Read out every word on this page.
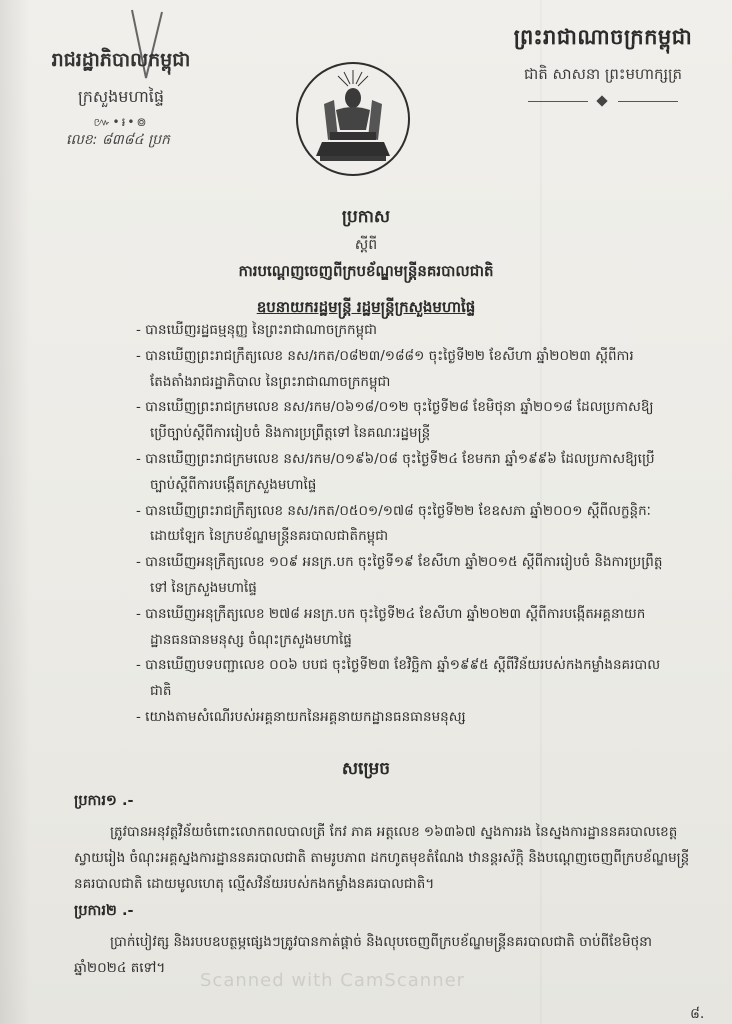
ព្រះរាជាណាចក្រកម្ពុជា
ជាតិ សាសនា ព្រះមហាក្សត្រ
រាជរដ្ឋាភិបាលកម្ពុជា
ក្រសួងមហាផ្ទៃ
៚•៛•៙
លេខ: ៨៣៨៤ ប្រក
ប្រកាស
ស្តីពី
ការបណ្តេញចេញពីក្របខ័ណ្ឌមន្ត្រីនគរបាលជាតិ
ឧបនាយករដ្ឋមន្ត្រី រដ្ឋមន្ត្រីក្រសួងមហាផ្ទៃ
- បានឃើញរដ្ឋធម្មនុញ្ញ នៃព្រះរាជាណាចក្រកម្ពុជា
- បានឃើញព្រះរាជក្រឹត្យលេខ នស/រកត/០៨២៣/១៨៨១ ចុះថ្ងៃទី២២ ខែសីហា ឆ្នាំ២០២៣ ស្តីពីការតែងតាំងរាជរដ្ឋាភិបាល នៃព្រះរាជាណាចក្រកម្ពុជា
- បានឃើញព្រះរាជក្រមលេខ នស/រកម/០៦១៨/០១២ ចុះថ្ងៃទី២៨ ខែមិថុនា ឆ្នាំ២០១៨ ដែលប្រកាសឱ្យប្រើច្បាប់ស្តីពីការរៀបចំ និងការប្រព្រឹត្តទៅ នៃគណៈរដ្ឋមន្ត្រី
- បានឃើញព្រះរាជក្រមលេខ នស/រកម/០១៩៦/០៨ ចុះថ្ងៃទី២៤ ខែមករា ឆ្នាំ១៩៩៦ ដែលប្រកាសឱ្យប្រើច្បាប់ស្តីពីការបង្កើតក្រសួងមហាផ្ទៃ
- បានឃើញព្រះរាជក្រឹត្យលេខ នស/រកត/០៥០១/១៧៨ ចុះថ្ងៃទី២២ ខែឧសភា ឆ្នាំ២០០១ ស្តីពីលក្ខន្តិកៈដោយឡែក នៃក្របខ័ណ្ឌមន្ត្រីនគរបាលជាតិកម្ពុជា
- បានឃើញអនុក្រឹត្យលេខ ១០៩ អនក្រ.បក ចុះថ្ងៃទី១៩ ខែសីហា ឆ្នាំ២០១៥ ស្តីពីការរៀបចំ និងការប្រព្រឹត្តទៅ នៃក្រសួងមហាផ្ទៃ
- បានឃើញអនុក្រឹត្យលេខ ២៧៨ អនក្រ.បក ចុះថ្ងៃទី២៤ ខែសីហា ឆ្នាំ២០២៣ ស្តីពីការបង្កើតអគ្គនាយកដ្ឋានធនធានមនុស្ស ចំណុះក្រសួងមហាផ្ទៃ
- បានឃើញបទបញ្ជាលេខ ០០៦ បបជ ចុះថ្ងៃទី២៣ ខែវិច្ឆិកា ឆ្នាំ១៩៩៥ ស្តីពីវិន័យរបស់កងកម្លាំងនគរបាលជាតិ
- យោងតាមសំណើរបស់អគ្គនាយកនៃអគ្គនាយកដ្ឋានធនធានមនុស្ស
សម្រេច
ប្រការ១ .-
ត្រូវបានអនុវត្តវិន័យចំពោះលោកពលបាលត្រី កែវ ភាគ អត្តលេខ ១៦៣៦៧ ស្នងការរង នៃស្នងការដ្ឋាននគរបាលខេត្តស្វាយរៀង ចំណុះអគ្គស្នងការដ្ឋាននគរបាលជាតិ តាមរូបភាព ដកហូតមុខតំណែង ឋានន្តរស័ក្តិ និងបណ្តេញចេញពីក្របខ័ណ្ឌមន្ត្រីនគរបាលជាតិ ដោយមូលហេតុ ល្មើសវិន័យរបស់កងកម្លាំងនគរបាលជាតិ។
ប្រការ២ .-
ប្រាក់បៀវត្ស និងរបបឧបត្ថម្ភផ្សេងៗត្រូវបានកាត់ផ្តាច់ និងលុបចេញពីក្របខ័ណ្ឌមន្ត្រីនគរបាលជាតិ ចាប់ពីខែមិថុនា ឆ្នាំ២០២៤ តទៅ។
Scanned with CamScanner
៨.
